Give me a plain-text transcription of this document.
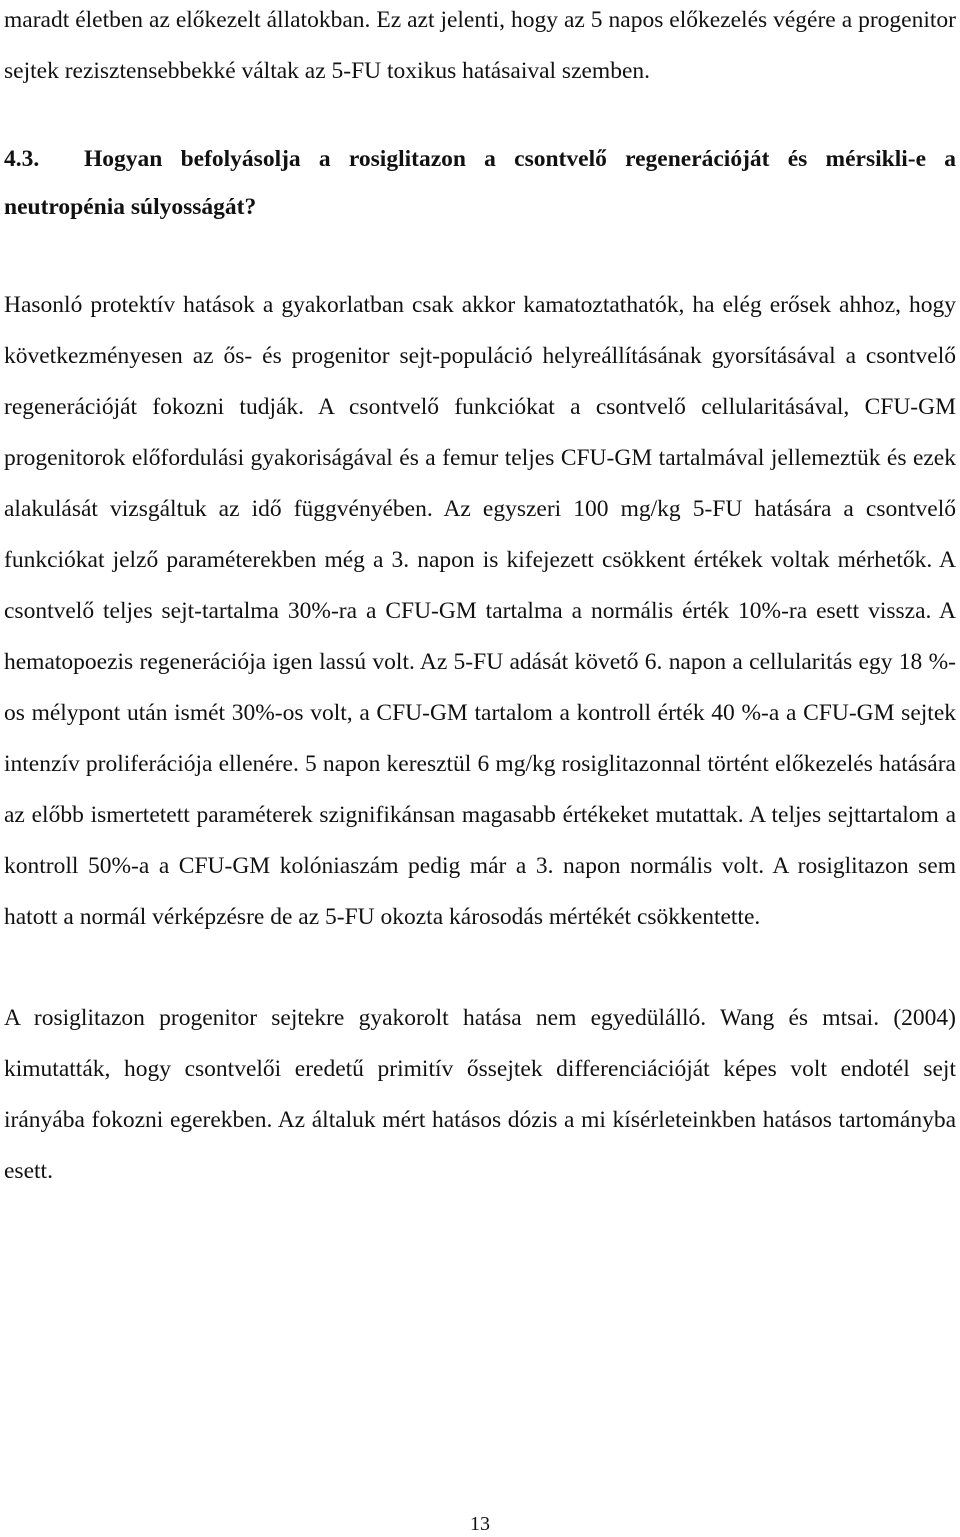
maradt életben az előkezelt állatokban. Ez azt jelenti, hogy az 5 napos előkezelés végére a progenitor sejtek rezisztensebbekké váltak az 5-FU toxikus hatásaival szemben.

4.3. Hogyan befolyásolja a rosiglitazon a csontvelő regenerációját és mérsikli-e a neutropénia súlyosságát?

Hasonló protektív hatások a gyakorlatban csak akkor kamatoztathatók, ha elég erősek ahhoz, hogy következményesen az ős- és progenitor sejt-populáció helyreállításának gyorsításával a csontvelő regenerációját fokozni tudják. A csontvelő funkciókat a csontvelő cellularitásával, CFU-GM progenitorok előfordulási gyakoriságával és a femur teljes CFU-GM tartalmával jellemeztük és ezek alakulását vizsgáltuk az idő függvényében. Az egyszeri 100 mg/kg 5-FU hatására a csontvelő funkciókat jelző paraméterekben még a 3. napon is kifejezett csökkent értékek voltak mérhetők. A csontvelő teljes sejt-tartalma 30%-ra a CFU-GM tartalma a normális érték 10%-ra esett vissza. A hematopoezis regenerációja igen lassú volt. Az 5-FU adását követő 6. napon a cellularitás egy 18 %-os mélypont után ismét 30%-os volt, a CFU-GM tartalom a kontroll érték 40 %-a a CFU-GM sejtek intenzív proliferációja ellenére. 5 napon keresztül 6 mg/kg rosiglitazonnal történt előkezelés hatására az előbb ismertetett paraméterek szignifikánsan magasabb értékeket mutattak. A teljes sejttartalom a kontroll 50%-a a CFU-GM kolóniaszám pedig már a 3. napon normális volt. A rosiglitazon sem hatott a normál vérképzésre de az 5-FU okozta károsodás mértékét csökkentette.

A rosiglitazon progenitor sejtekre gyakorolt hatása nem egyedülálló. Wang és mtsai. (2004) kimutatták, hogy csontvelői eredetű primitív őssejtek differenciációját képes volt endotél sejt irányába fokozni egerekben. Az általuk mért hatásos dózis a mi kísérleteinkben hatásos tartományba esett.

13
